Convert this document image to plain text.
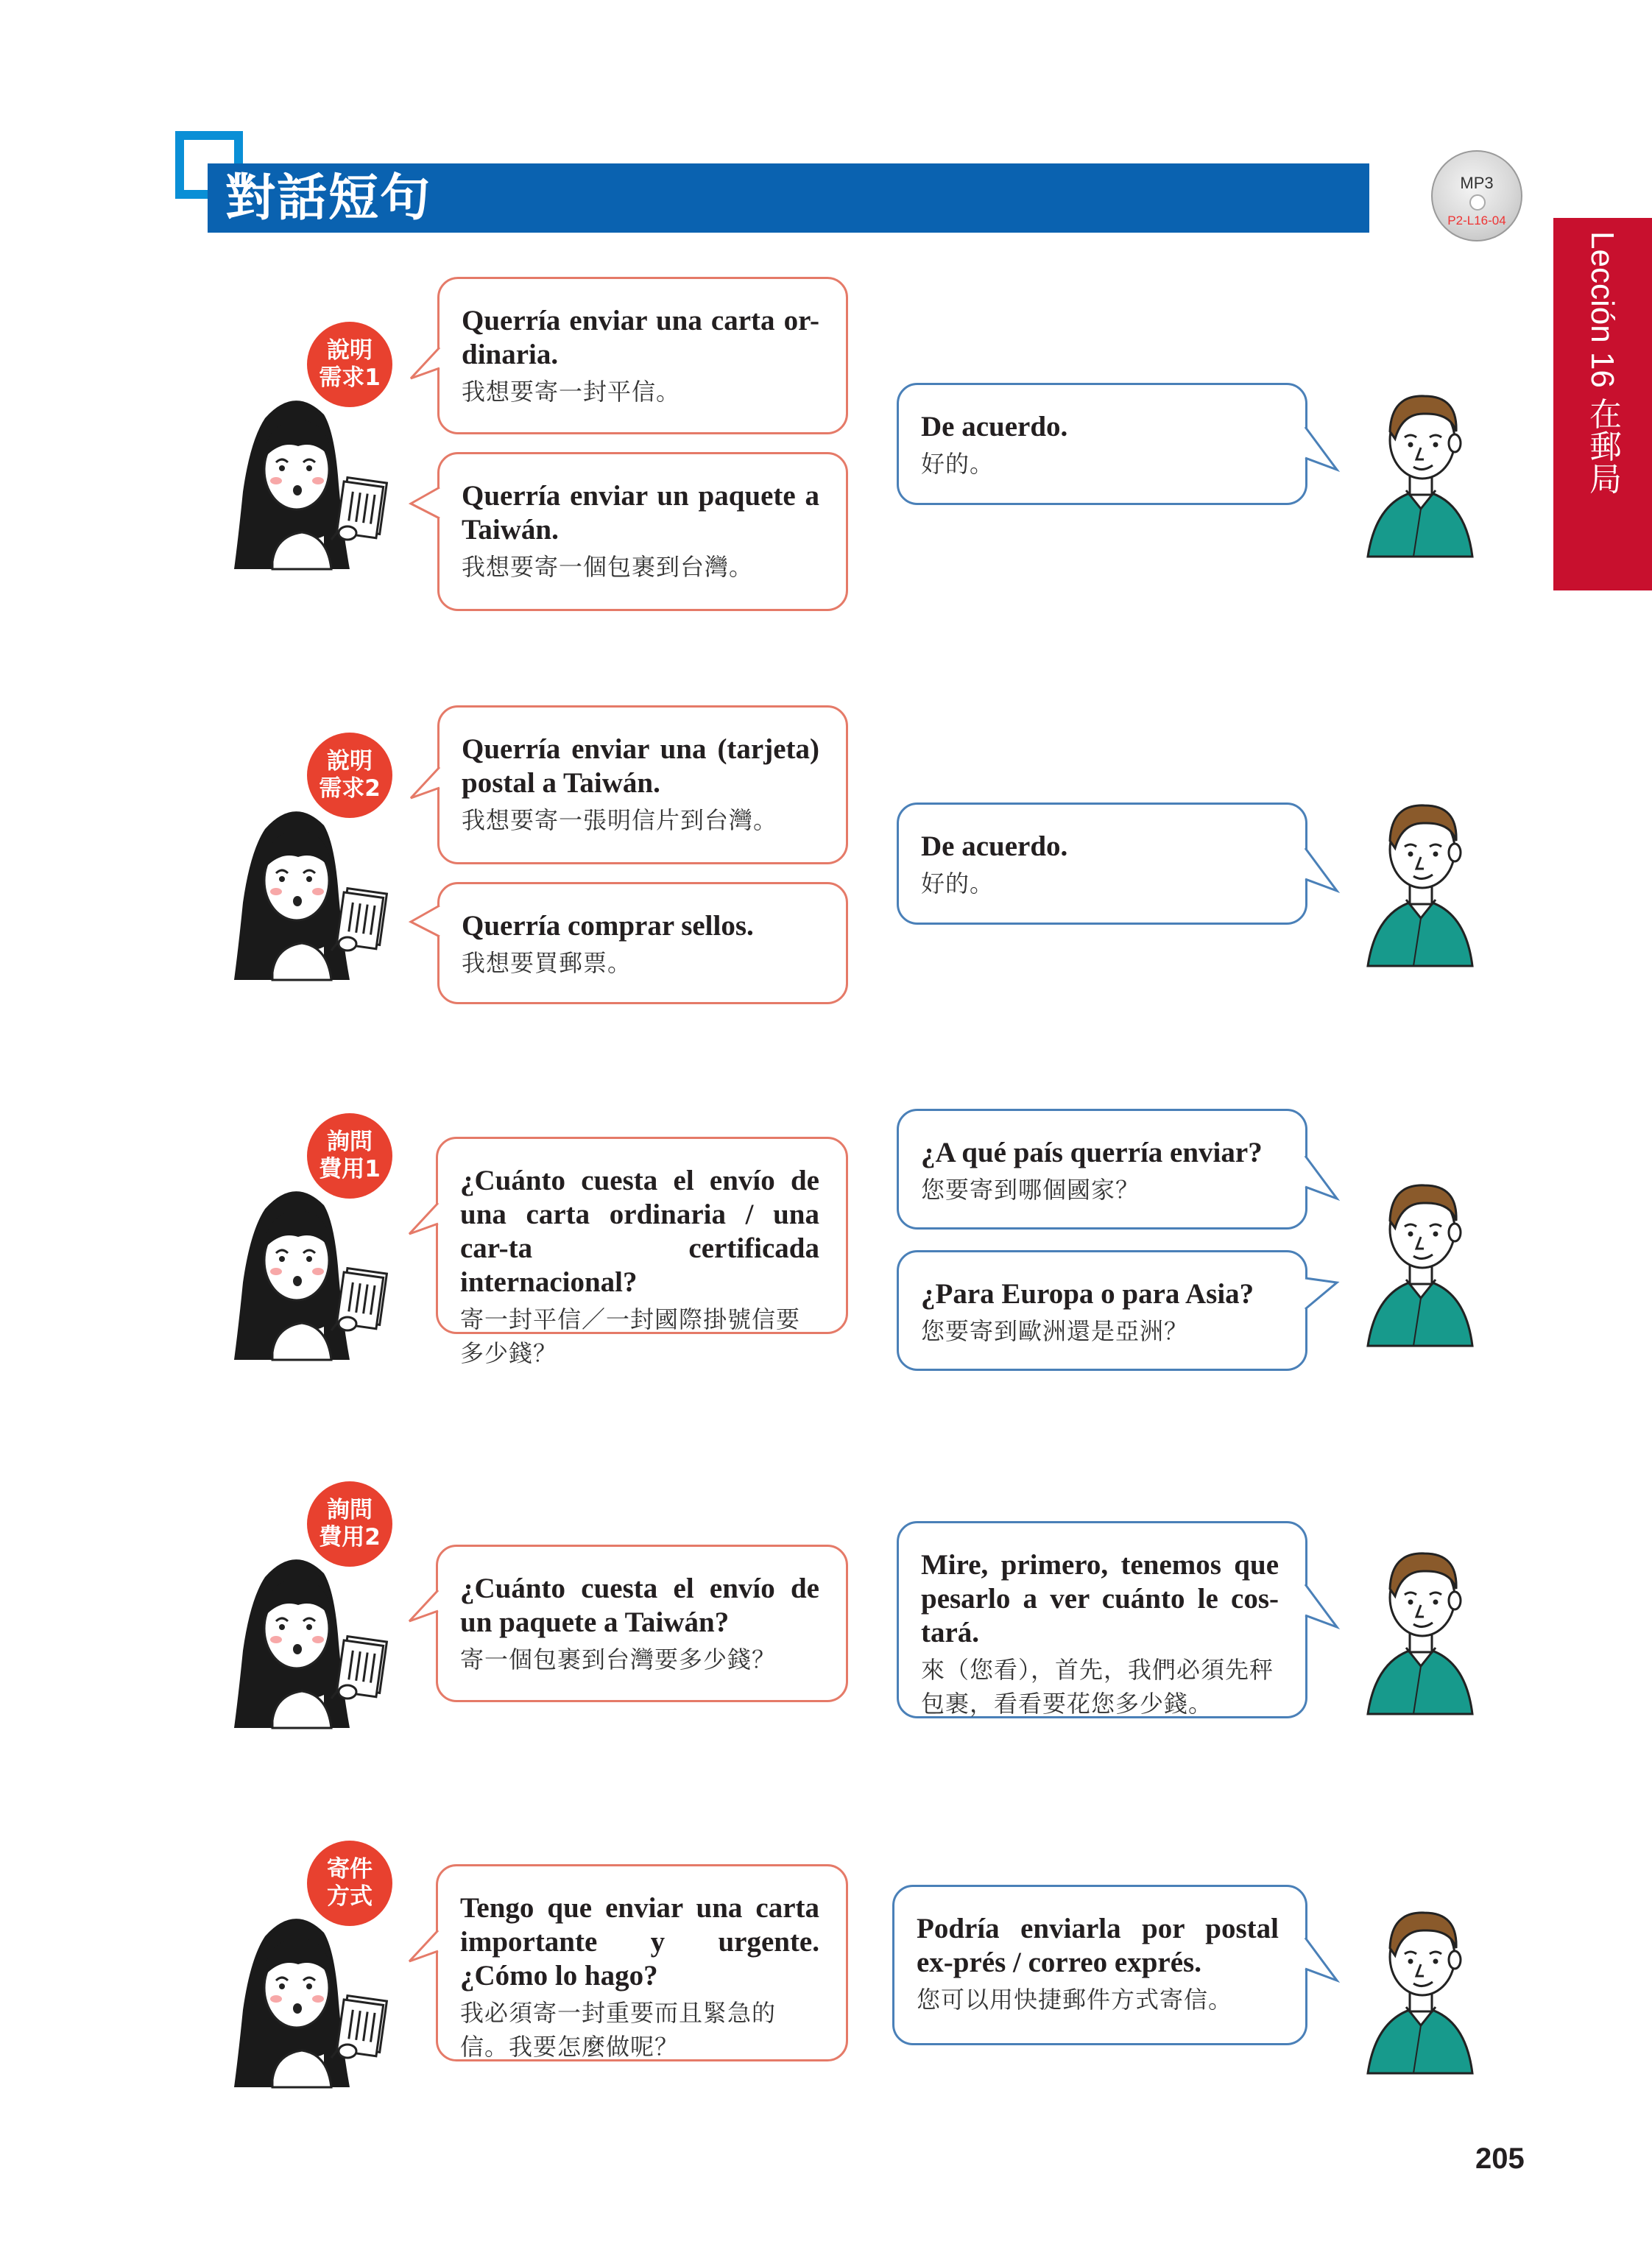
對話短句	MP3
P2-L16-04
Lección 16 在郵局
說明
需求1
Querría enviar una carta or-dinaria.
我想要寄一封平信。
Querría enviar un paquete a Taiwán.
我想要寄一個包裹到台灣。
De acuerdo.
好的。
說明
需求2
Querría enviar una (tarjeta) postal a Taiwán.
我想要寄一張明信片到台灣。
Querría comprar sellos.
我想要買郵票。
De acuerdo.
好的。
詢問
費用1	¿Cuánto cuesta el envío de una carta ordinaria / una car-ta certificada internacional?
寄一封平信／一封國際掛號信要多少錢？
¿A qué país querría enviar?
您要寄到哪個國家？
¿Para Europa o para Asia?
您要寄到歐洲還是亞洲？
詢問
費用2
¿Cuánto cuesta el envío de un paquete a Taiwán?
寄一個包裹到台灣要多少錢？
Mire, primero, tenemos que pesarlo a ver cuánto le cos-tará.
來（您看），首先，我們必須先秤包裹，看看要花您多少錢。
寄件
方式	Tengo que enviar una carta importante y urgente. ¿Cómo lo hago?
我必須寄一封重要而且緊急的信。我要怎麼做呢？
Podría enviarla por postal ex-prés / correo exprés.
您可以用快捷郵件方式寄信。
205
